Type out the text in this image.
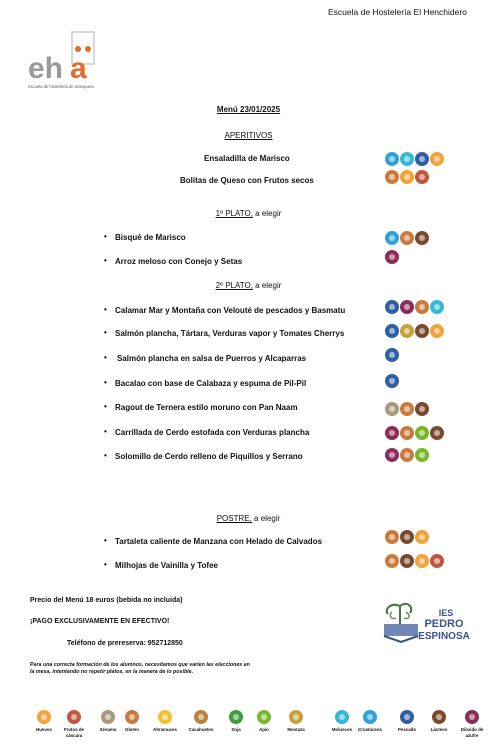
Escuela de Hostelería El Henchidero
eh a
escuela de hostelería de antequera
Menú 23/01/2025
APERITIVOS
Ensaladilla de Marisco
Bolitas de Queso con Frutos secos
1º PLATO, a elegir
• Bisqué de Marisco
• Arroz meloso con Conejo y Setas
2º PLATO, a elegir
• Calamar Mar y Montaña con Velouté de pescados y Basmatu
• Salmón plancha, Tártara, Verduras vapor y Tomates Cherrys
• Salmón plancha en salsa de Puerros y Alcaparras
• Bacalao con base de Calabaza y espuma de Pil-Pil
• Ragout de Ternera estilo moruno con Pan Naam
• Carrillada de Cerdo estofada con Verduras plancha
• Solomillo de Cerdo relleno de Piquillos y Serrano
POSTRE, a elegir
• Tartaleta caliente de Manzana con Helado de Calvados
• Milhojas de Vainilla y Tofee
Precio del Menú 18 euros (bebida no incluida)
¡PAGO EXCLUSIVAMENTE EN EFECTIVO!
Teléfono de prereserva: 952712850
Para una correcta formación de los alumnos, necesitamos que varíen las elecciones en la mesa, intentando no repetir platos, en la manera de lo posible.
IES
PEDRO
ESPINOSA
Huevos	Frutos de cáscara
Sésamo	Gluten	Altramuces	Cacahuetes	Soja	Apio	Mostaza	Moluscos	Crustáceos	Pescado	Lácteos	Dióxido de azufre
